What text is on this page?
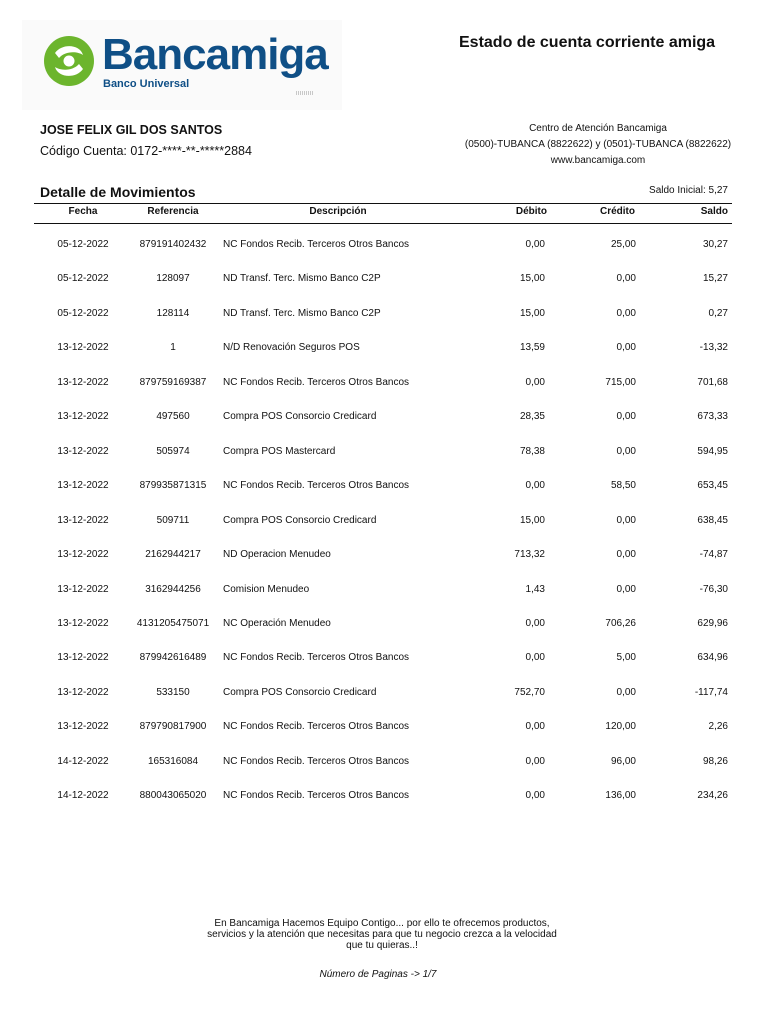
Bancamiga
Banco Universal
Estado de cuenta corriente amiga
JOSE FELIX GIL DOS SANTOS
Código Cuenta: 0172-****-**-*****2884
Centro de Atención Bancamiga
(0500)-TUBANCA (8822622) y (0501)-TUBANCA (8822622)
www.bancamiga.com
Detalle de Movimientos	Saldo Inicial: 5,27
Fecha	Referencia	Descripción	Débito	Crédito	Saldo
05-12-2022	879191402432	NC Fondos Recib. Terceros Otros Bancos	0,00	25,00	30,27
05-12-2022	128097	ND Transf. Terc. Mismo Banco C2P	15,00	0,00	15,27
05-12-2022	128114	ND Transf. Terc. Mismo Banco C2P	15,00	0,00	0,27
13-12-2022	1	N/D Renovación Seguros POS	13,59	0,00	-13,32
13-12-2022	879759169387	NC Fondos Recib. Terceros Otros Bancos	0,00	715,00	701,68
13-12-2022	497560	Compra POS Consorcio Credicard	28,35	0,00	673,33
13-12-2022	505974	Compra POS Mastercard	78,38	0,00	594,95
13-12-2022	879935871315	NC Fondos Recib. Terceros Otros Bancos	0,00	58,50	653,45
13-12-2022	509711	Compra POS Consorcio Credicard	15,00	0,00	638,45
13-12-2022	2162944217	ND Operacion Menudeo	713,32	0,00	-74,87
13-12-2022	3162944256	Comision Menudeo	1,43	0,00	-76,30
13-12-2022	4131205475071	NC Operación Menudeo	0,00	706,26	629,96
13-12-2022	879942616489	NC Fondos Recib. Terceros Otros Bancos	0,00	5,00	634,96
13-12-2022	533150	Compra POS Consorcio Credicard	752,70	0,00	-117,74
13-12-2022	879790817900	NC Fondos Recib. Terceros Otros Bancos	0,00	120,00	2,26
14-12-2022	165316084	NC Fondos Recib. Terceros Otros Bancos	0,00	96,00	98,26
14-12-2022	880043065020	NC Fondos Recib. Terceros Otros Bancos	0,00	136,00	234,26
En Bancamiga Hacemos Equipo Contigo... por ello te ofrecemos productos,
servicios y la atención que necesitas para que tu negocio crezca a la velocidad
que tu quieras..!
Número de Paginas -> 1/7
